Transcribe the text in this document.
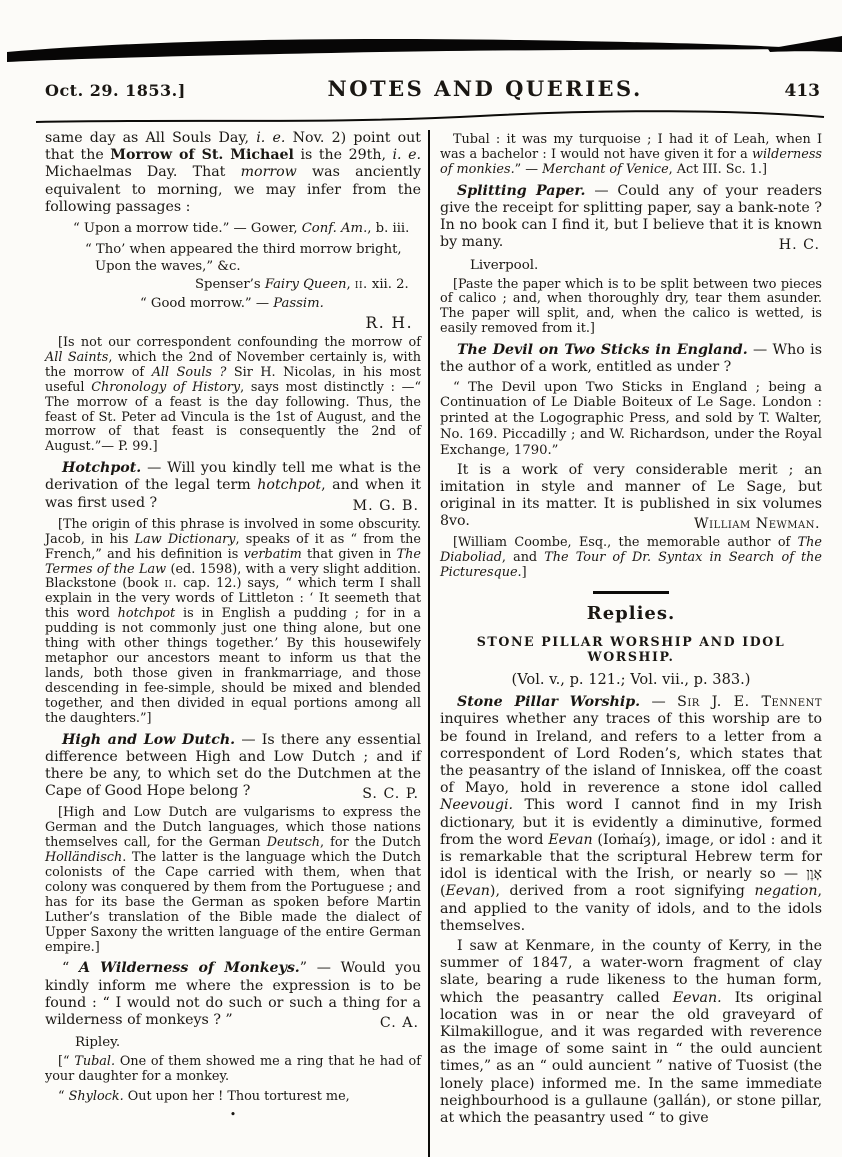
Oct. 29. 1853.]	NOTES AND QUERIES.	413

same day as All Souls Day, i. e. Nov. 2) point out that the Morrow of St. Michael is the 29th, i. e. Michaelmas Day. That morrow was anciently equivalent to morning, we may infer from the following passages :

“ Upon a morrow tide.” — Gower, Conf. Am., b. iii.

“ Tho’ when appeared the third morrow bright,

Upon the waves,” &c.

Spenser’s Fairy Queen, ii. xii. 2.

“ Good morrow.” — Passim.

R. H.

[Is not our correspondent confounding the morrow of All Saints, which the 2nd of November certainly is, with the morrow of All Souls ? Sir H. Nicolas, in his most useful Chronology of History, says most distinctly : —“ The morrow of a feast is the day following. Thus, the feast of St. Peter ad Vincula is the 1st of August, and the morrow of that feast is consequently the 2nd of August.”— P. 99.]

Hotchpot. — Will you kindly tell me what is the derivation of the legal term hotchpot, and when it was first used ?	M. G. B.

[The origin of this phrase is involved in some obscurity. Jacob, in his Law Dictionary, speaks of it as “ from the French,” and his definition is verbatim that given in The Termes of the Law (ed. 1598), with a very slight addition. Blackstone (book ii. cap. 12.) says, “ which term I shall explain in the very words of Littleton : ‘ It seemeth that this word hotchpot is in English a pudding ; for in a pudding is not commonly just one thing alone, but one thing with other things together.’ By this housewifely metaphor our ancestors meant to inform us that the lands, both those given in frankmarriage, and those descending in fee-simple, should be mixed and blended together, and then divided in equal portions among all the daughters.”]

High and Low Dutch. — Is there any essential difference between High and Low Dutch ; and if there be any, to which set do the Dutchmen at the Cape of Good Hope belong ?	S. C. P.

[High and Low Dutch are vulgarisms to express the German and the Dutch languages, which those nations themselves call, for the German Deutsch, for the Dutch Holländisch. The latter is the language which the Dutch colonists of the Cape carried with them, when that colony was conquered by them from the Portuguese ; and has for its base the German as spoken before Martin Luther’s translation of the Bible made the dialect of Upper Saxony the written language of the entire German empire.]

“ A Wilderness of Monkeys.” — Would you kindly inform me where the expression is to be found : “ I would not do such or such a thing for a wilderness of monkeys ? ”	C. A.
Ripley.

[“ Tubal. One of them showed me a ring that he had of your daughter for a monkey.

“ Shylock. Out upon her ! Thou torturest me,

•

Tubal : it was my turquoise ; I had it of Leah, when I was a bachelor : I would not have given it for a wilderness of monkies.” — Merchant of Venice, Act III. Sc. 1.]

Splitting Paper. — Could any of your readers give the receipt for splitting paper, say a bank-note ? In no book can I find it, but I believe that it is known by many.	H. C.
Liverpool.

[Paste the paper which is to be split between two pieces of calico ; and, when thoroughly dry, tear them asunder. The paper will split, and, when the calico is wetted, is easily removed from it.]

The Devil on Two Sticks in England. — Who is the author of a work, entitled as under ?

“ The Devil upon Two Sticks in England ; being a Continuation of Le Diable Boiteux of Le Sage. London : printed at the Logographic Press, and sold by T. Walter, No. 169. Piccadilly ; and W. Richardson, under the Royal Exchange, 1790.”

It is a work of very considerable merit ; an imitation in style and manner of Le Sage, but original in its matter. It is published in six volumes 8vo.	William Newman.

[William Coombe, Esq., the memorable author of The Diaboliad, and The Tour of Dr. Syntax in Search of the Picturesque.]

Replies.
STONE PILLAR WORSHIP AND IDOL WORSHIP.
(Vol. v., p. 121.; Vol. vii., p. 383.)

Stone Pillar Worship. — Sir J. E. Tennent inquires whether any traces of this worship are to be found in Ireland, and refers to a letter from a correspondent of Lord Roden’s, which states that the peasantry of the island of Inniskea, off the coast of Mayo, hold in reverence a stone idol called Neevougi. This word I cannot find in my Irish dictionary, but it is evidently a diminutive, formed from the word Eevan (Ioṁaíȝ), image, or idol : and it is remarkable that the scriptural Hebrew term for idol is identical with the Irish, or nearly so — אָוֶן (Eevan), derived from a root signifying negation, and applied to the vanity of idols, and to the idols themselves.

I saw at Kenmare, in the county of Kerry, in the summer of 1847, a water-worn fragment of clay slate, bearing a rude likeness to the human form, which the peasantry called Eevan. Its original location was in or near the old graveyard of Kilmakillogue, and it was regarded with reverence as the image of some saint in “ the ould auncient times,” as an “ ould auncient ” native of Tuosist (the lonely place) informed me. In the same immediate neighbourhood is a gullaune (ȝallán), or stone pillar, at which the peasantry used “ to give
